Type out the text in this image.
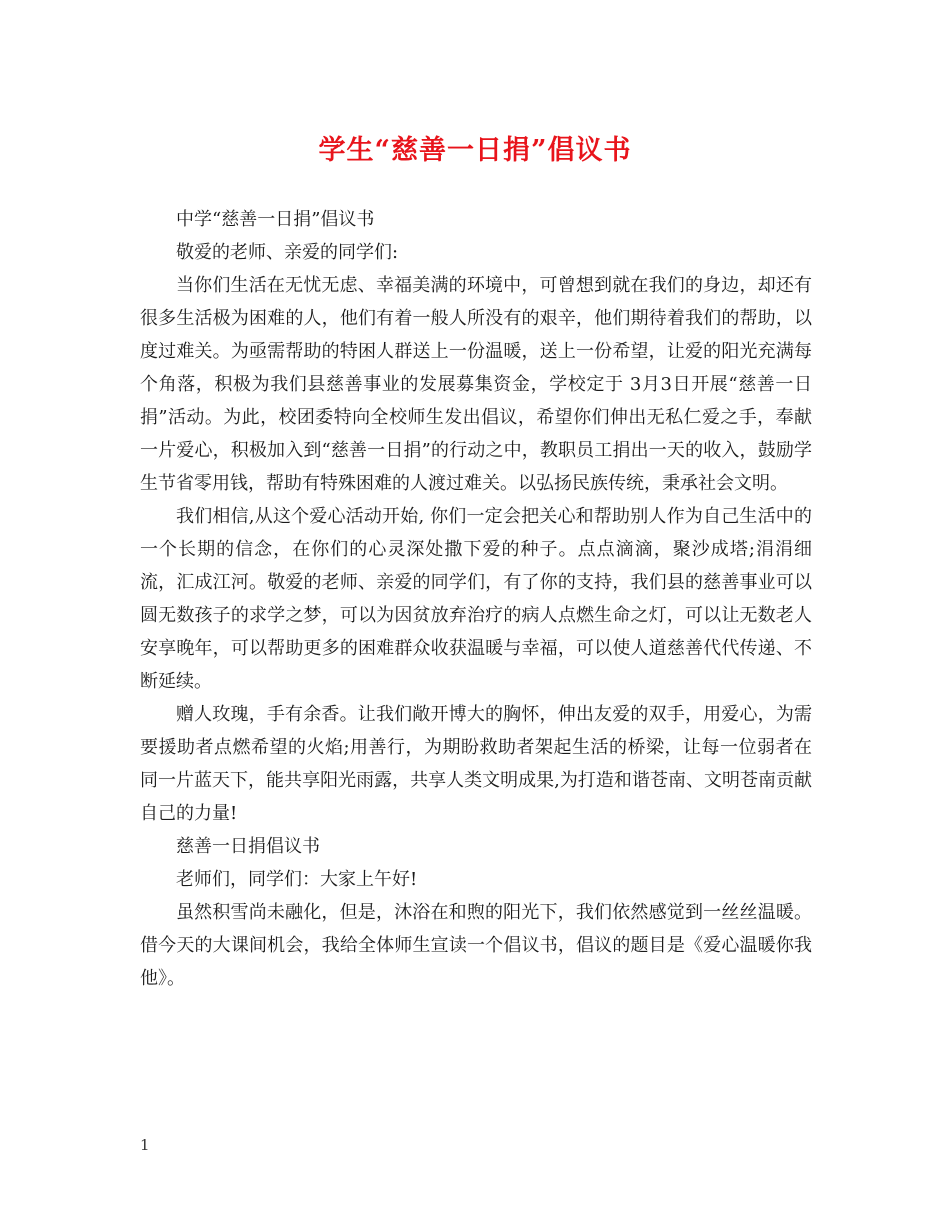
学生“慈善一日捐”倡议书

中学“慈善一日捐”倡议书

敬爱的老师、亲爱的同学们:

当你们生活在无忧无虑、幸福美满的环境中，可曾想到就在我们的身边，却还有很多生活极为困难的人，他们有着一般人所没有的艰辛，他们期待着我们的帮助，以度过难关。为亟需帮助的特困人群送上一份温暖，送上一份希望，让爱的阳光充满每个角落，积极为我们县慈善事业的发展募集资金，学校定于 3月3日开展“慈善一日捐”活动。为此，校团委特向全校师生发出倡议，希望你们伸出无私仁爱之手，奉献一片爱心，积极加入到“慈善一日捐”的行动之中，教职员工捐出一天的收入，鼓励学生节省零用钱，帮助有特殊困难的人渡过难关。以弘扬民族传统，秉承社会文明。

我们相信,从这个爱心活动开始, 你们一定会把关心和帮助别人作为自己生活中的一个长期的信念，在你们的心灵深处撒下爱的种子。点点滴滴，聚沙成塔;涓涓细流，汇成江河。敬爱的老师、亲爱的同学们，有了你的支持，我们县的慈善事业可以圆无数孩子的求学之梦，可以为因贫放弃治疗的病人点燃生命之灯，可以让无数老人安享晚年，可以帮助更多的困难群众收获温暖与幸福，可以使人道慈善代代传递、不断延续。

赠人玫瑰，手有余香。让我们敞开博大的胸怀，伸出友爱的双手，用爱心，为需要援助者点燃希望的火焰;用善行，为期盼救助者架起生活的桥梁，让每一位弱者在同一片蓝天下，能共享阳光雨露，共享人类文明成果,为打造和谐苍南、文明苍南贡献自己的力量!

慈善一日捐倡议书

老师们，同学们：大家上午好!

虽然积雪尚未融化，但是，沐浴在和煦的阳光下，我们依然感觉到一丝丝温暖。借今天的大课间机会，我给全体师生宣读一个倡议书，倡议的题目是《爱心温暖你我他》。

1
